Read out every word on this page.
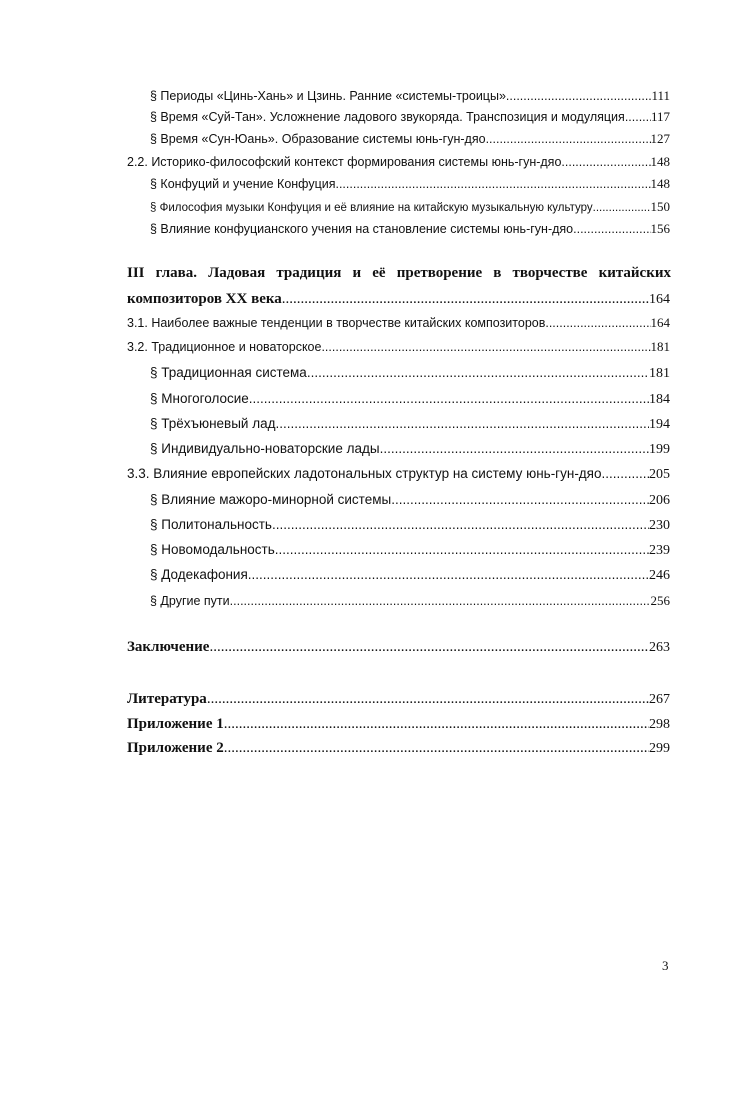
§ Периоды «Цинь-Хань» и Цзинь. Ранние «системы-троицы» .....	111
§ Время «Суй-Тан». Усложнение ладового звукоряда. Транспозиция и модуляция ..... 117
§ Время «Сун-Юань». Образование системы юнь-гун-дяо .....	127
2.2. Историко-философский контекст формирования системы юнь-гун-дяо .....	148
§ Конфуций и учение Конфуция .....	148
§ Философия музыки Конфуция и её влияние на китайскую музыкальную культуру .....	150
§ Влияние конфуцианского учения на становление системы юнь-гун-дяо .....	156
III глава. Ладовая традиция и её претворение в творчестве китайских
композиторов XX века .....	164
3.1. Наиболее важные тенденции в творчестве китайских композиторов .....	164
3.2. Традиционное и новаторское .....	181
§ Традиционная система .....	181
§ Многоголосие .....	184
§ Трёхъюневый лад .....	194
§ Индивидуально-новаторские лады .....	199
3.3. Влияние европейских ладотональных структур на систему юнь-гун-дяо .....	205
§ Влияние мажоро-минорной системы .....	206
§ Политональность .....	230
§ Новомодальность .....	239
§ Додекафония .....	246
§ Другие пути .....	256
Заключение .....	263
Литература .....	267
Приложение 1 .....	298
Приложение 2 .....	299
3
